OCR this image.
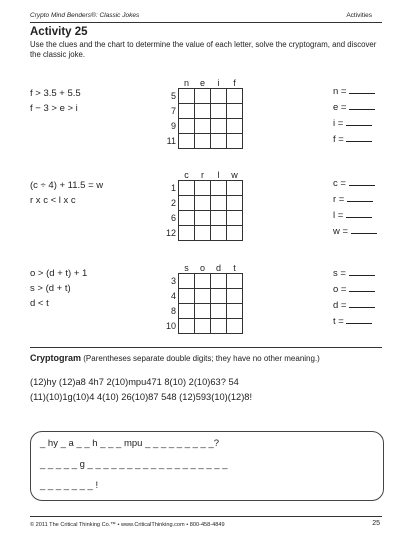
Crypto Mind Benders®: Classic Jokes	Activities
Activity 25
Use the clues and the chart to determine the value of each letter, solve the cryptogram, and discover the classic joke.
f > 3.5 + 5.5
f − 3 > e > i
	n	e	i	f
5				
7				
9				
11				
n =
e =
i =
f =
(c ÷ 4) + 11.5 = w
r x c < l x c
	c	r	l	w
1				
2				
6				
12				
c =
r =
l =
w =
o > (d + t) + 1
s > (d + t)
d < t
	s	o	d	t
3				
4				
8				
10				
s =
o =
d =
t =
Cryptogram (Parentheses separate double digits; they have no other meaning.)
(12)hy (12)a8 4h7 2(10)mpu471 8(10) 2(10)63? 54
(11)(10)1g(10)4 4(10) 26(10)87 548 (12)593(10)(12)8!
_ hy _ a _ _ h _ _ _ mpu _ _ _ _ _ _ _ _ _?
_ _ _ _ _ g _ _ _ _ _ _ _ _ _ _ _ _ _ _ _ _ _ _
_ _ _ _ _ _ _ !
© 2011 The Critical Thinking Co.™ • www.CriticalThinking.com • 800-458-4849	25
